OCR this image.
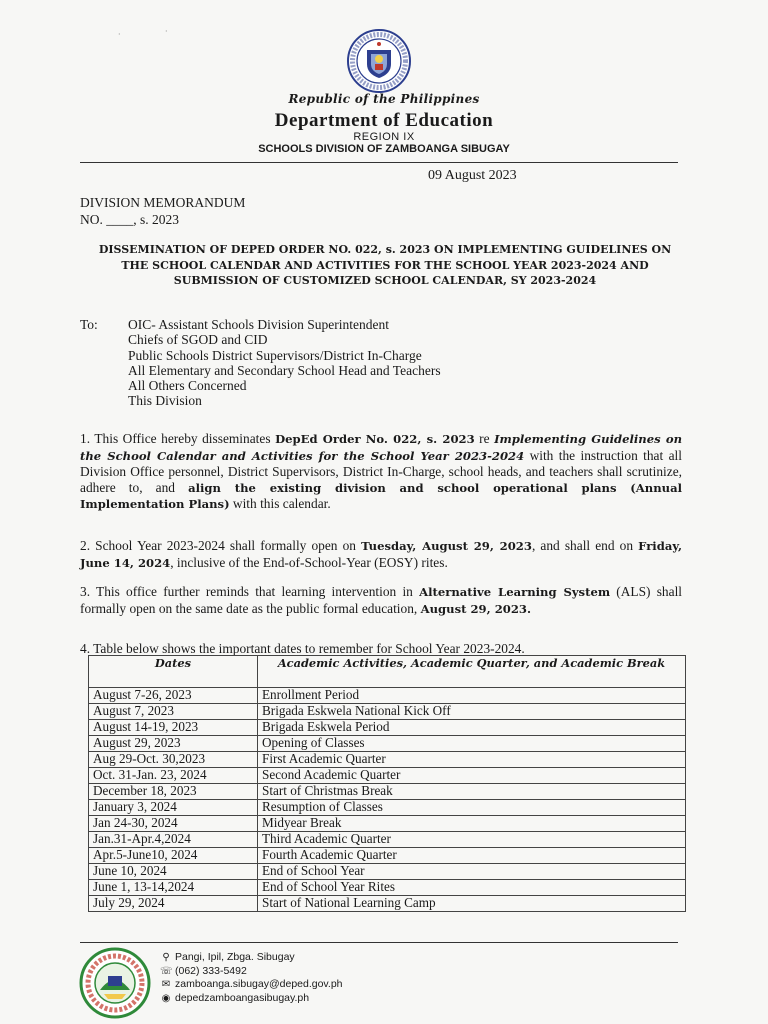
Republic of the Philippines
Department of Education
REGION IX
SCHOOLS DIVISION OF ZAMBOANGA SIBUGAY
09 August 2023
DIVISION MEMORANDUM
NO. ____, s. 2023
DISSEMINATION OF DEPED ORDER NO. 022, s. 2023 ON IMPLEMENTING GUIDELINES ON THE SCHOOL CALENDAR AND ACTIVITIES FOR THE SCHOOL YEAR 2023-2024 AND SUBMISSION OF CUSTOMIZED SCHOOL CALENDAR, SY 2023-2024
To: OIC- Assistant Schools Division Superintendent
Chiefs of SGOD and CID
Public Schools District Supervisors/District In-Charge
All Elementary and Secondary School Head and Teachers
All Others Concerned
This Division
1. This Office hereby disseminates DepEd Order No. 022, s. 2023 re Implementing Guidelines on the School Calendar and Activities for the School Year 2023-2024 with the instruction that all Division Office personnel, District Supervisors, District In-Charge, school heads, and teachers shall scrutinize, adhere to, and align the existing division and school operational plans (Annual Implementation Plans) with this calendar.
2. School Year 2023-2024 shall formally open on Tuesday, August 29, 2023, and shall end on Friday, June 14, 2024, inclusive of the End-of-School-Year (EOSY) rites.
3. This office further reminds that learning intervention in Alternative Learning System (ALS) shall formally open on the same date as the public formal education, August 29, 2023.
4. Table below shows the important dates to remember for School Year 2023-2024.
Dates	Academic Activities, Academic Quarter, and Academic Break
August 7-26, 2023	Enrollment Period
August 7, 2023	Brigada Eskwela National Kick Off
August 14-19, 2023	Brigada Eskwela Period
August 29, 2023	Opening of Classes
Aug 29-Oct. 30,2023	First Academic Quarter
Oct. 31-Jan. 23, 2024	Second Academic Quarter
December 18, 2023	Start of Christmas Break
January 3, 2024	Resumption of Classes
Jan 24-30, 2024	Midyear Break
Jan.31-Apr.4,2024	Third Academic Quarter
Apr.5-June10, 2024	Fourth Academic Quarter
June 10, 2024	End of School Year
June 1, 13-14,2024	End of School Year Rites
July 29, 2024	Start of National Learning Camp
⚲ Pangi, Ipil, Zbga. Sibugay
☏ (062) 333-5492
✉ zamboanga.sibugay@deped.gov.ph
◉ depedzamboangasibugay.ph
·	·
